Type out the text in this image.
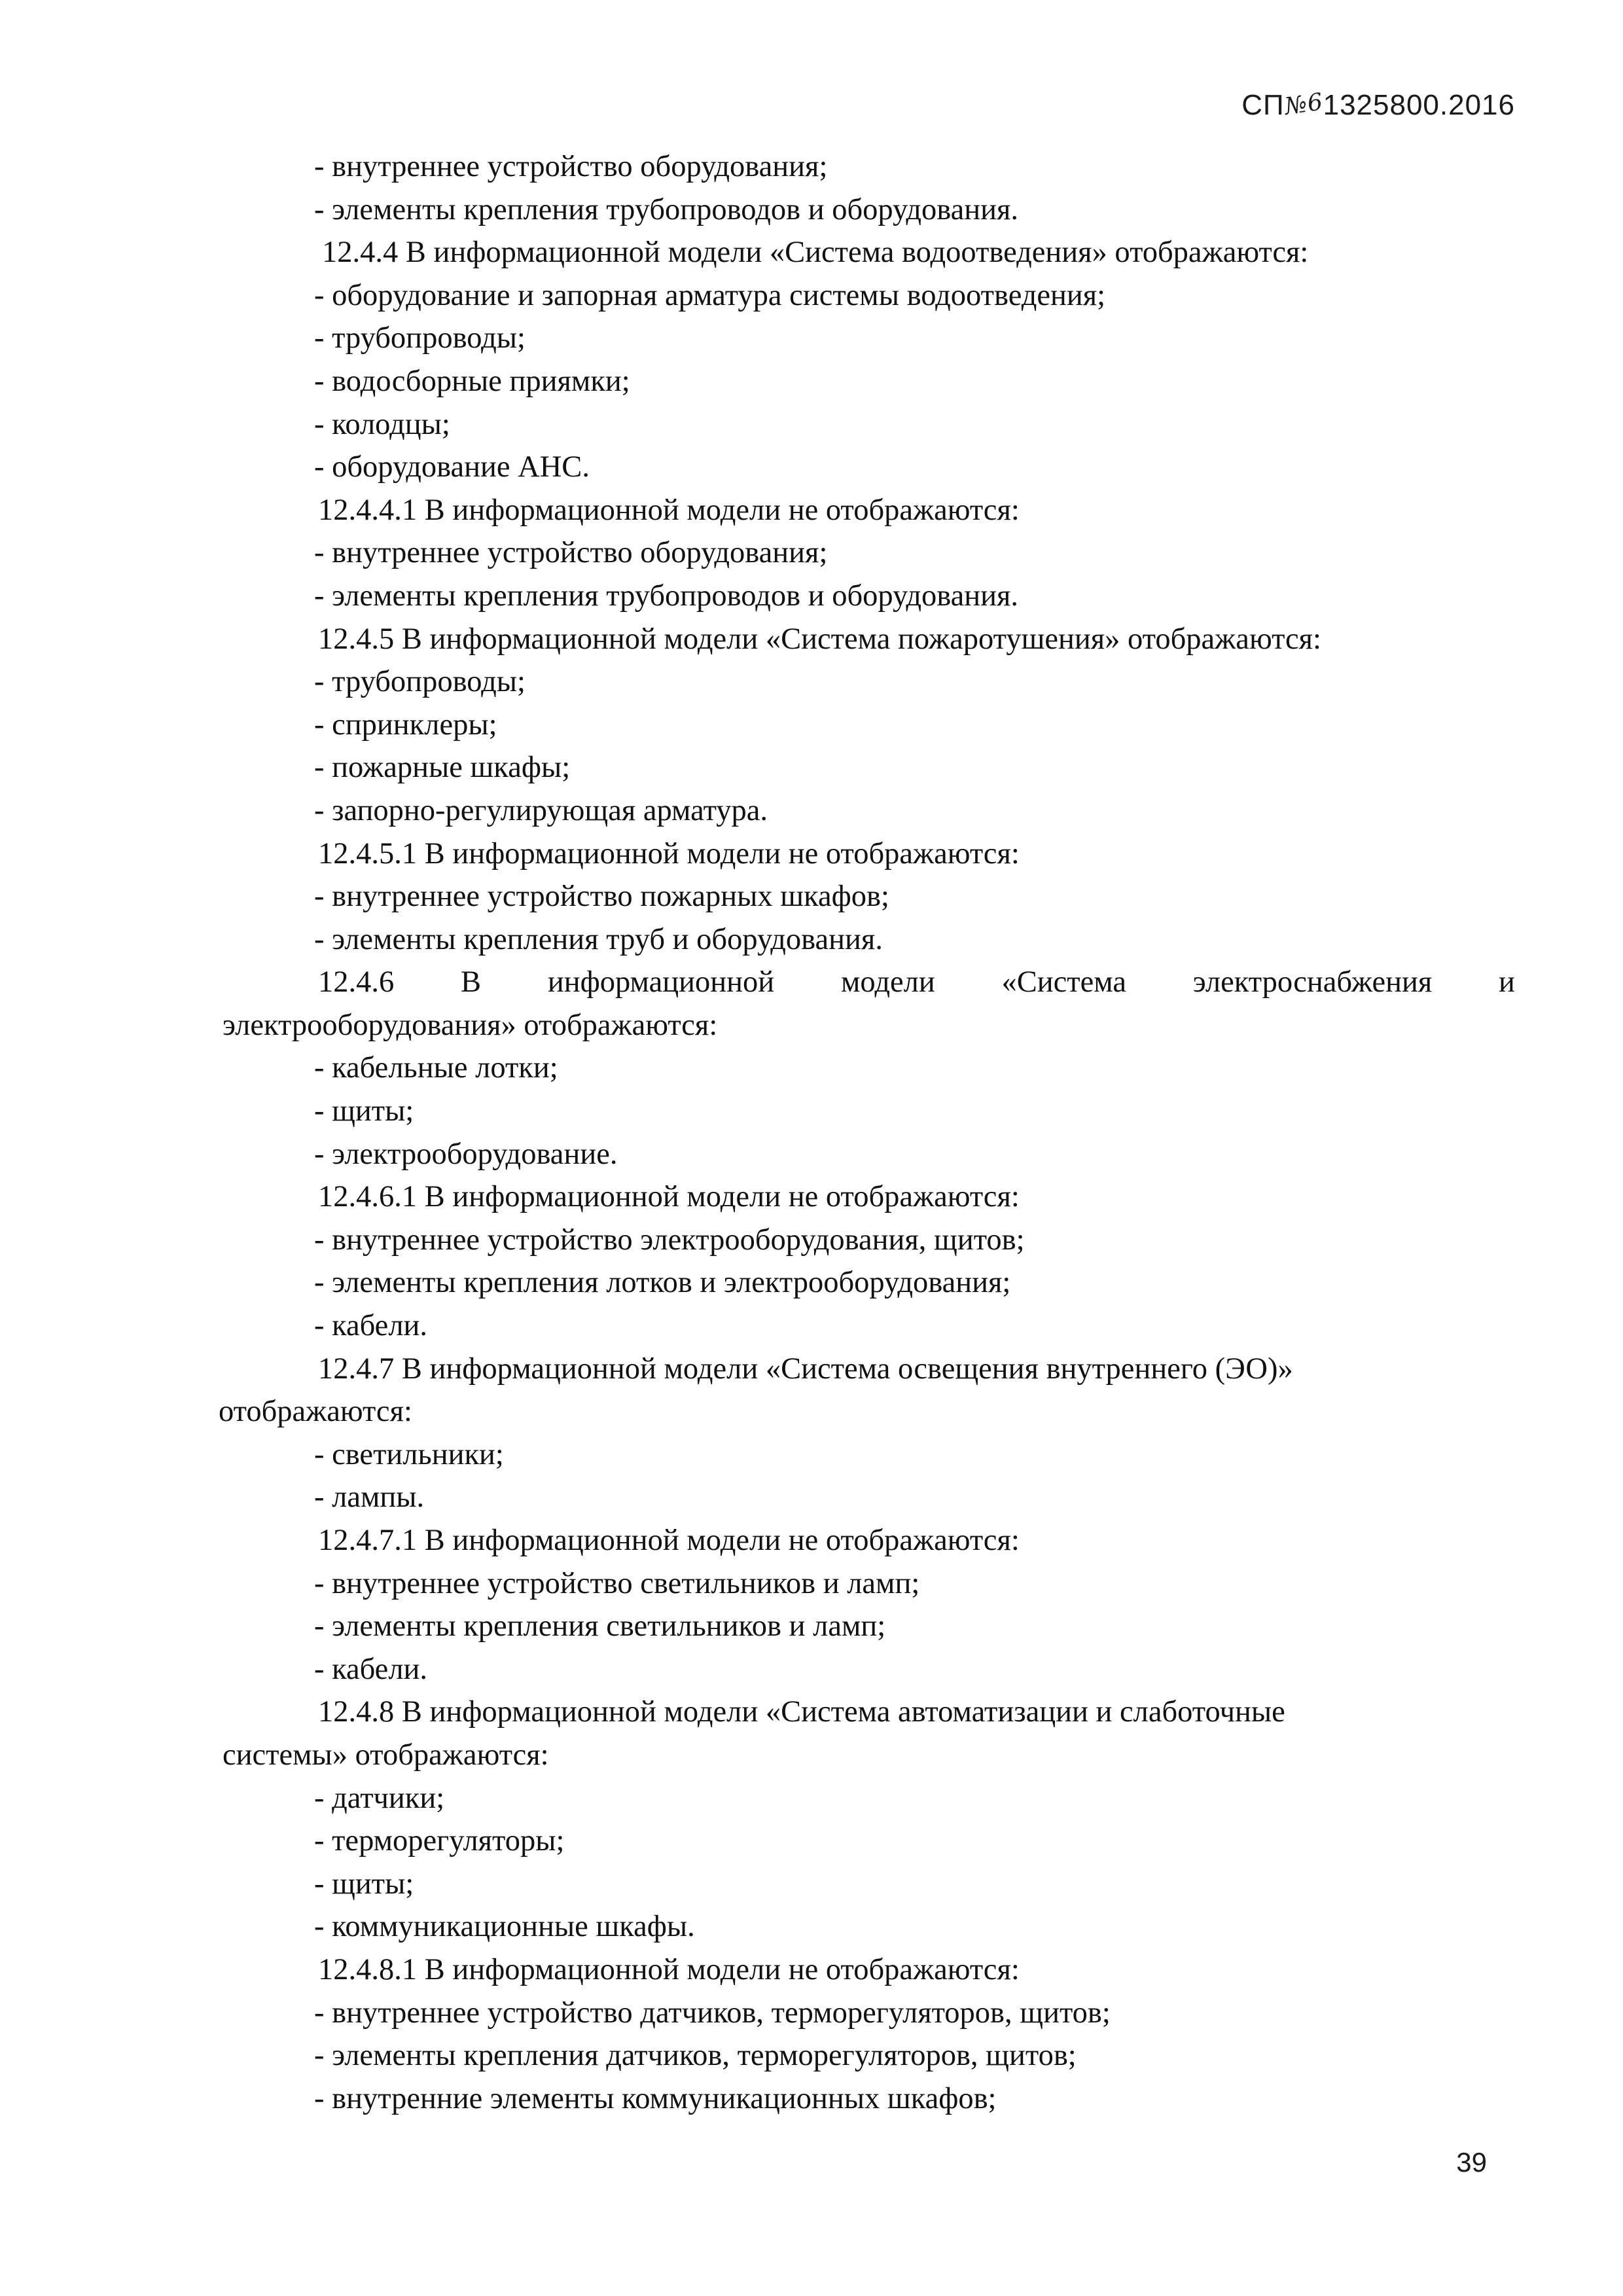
СП№61325800.2016
- внутреннее устройство оборудования;
- элементы крепления трубопроводов и оборудования.
12.4.4 В информационной модели «Система водоотведения» отображаются:
- оборудование и запорная арматура системы водоотведения;
- трубопроводы;
- водосборные приямки;
- колодцы;
- оборудование АНС.
12.4.4.1 В информационной модели не отображаются:
- внутреннее устройство оборудования;
- элементы крепления трубопроводов и оборудования.
12.4.5 В информационной модели «Система пожаротушения» отображаются:
- трубопроводы;
- спринклеры;
- пожарные шкафы;
- запорно-регулирующая арматура.
12.4.5.1 В информационной модели не отображаются:
- внутреннее устройство пожарных шкафов;
- элементы крепления труб и оборудования.
12.4.6 В информационной модели «Система электроснабжения и
электрооборудования» отображаются:
- кабельные лотки;
- щиты;
- электрооборудование.
12.4.6.1 В информационной модели не отображаются:
- внутреннее устройство электрооборудования, щитов;
- элементы крепления лотков и электрооборудования;
- кабели.
12.4.7 В информационной модели «Система освещения внутреннего (ЭО)»
отображаются:
- светильники;
- лампы.
12.4.7.1 В информационной модели не отображаются:
- внутреннее устройство светильников и ламп;
- элементы крепления светильников и ламп;
- кабели.
12.4.8 В информационной модели «Система автоматизации и слаботочные
системы» отображаются:
- датчики;
- терморегуляторы;
- щиты;
- коммуникационные шкафы.
12.4.8.1 В информационной модели не отображаются:
- внутреннее устройство датчиков, терморегуляторов, щитов;
- элементы крепления датчиков, терморегуляторов, щитов;
- внутренние элементы коммуникационных шкафов;
39
